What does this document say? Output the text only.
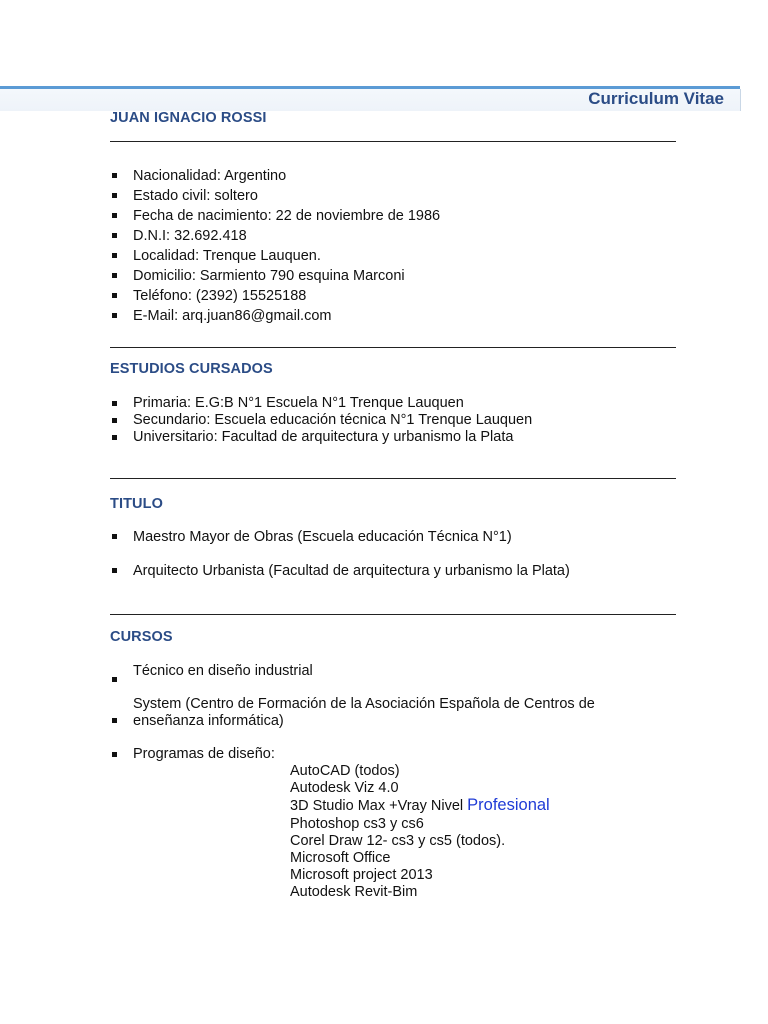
Curriculum Vitae
JUAN IGNACIO ROSSI
Nacionalidad: Argentino
Estado civil: soltero
Fecha de nacimiento: 22 de noviembre de 1986
D.N.I: 32.692.418
Localidad: Trenque Lauquen.
Domicilio: Sarmiento 790 esquina Marconi
Teléfono: (2392) 15525188
E-Mail: arq.juan86@gmail.com
ESTUDIOS CURSADOS
Primaria: E.G:B N°1 Escuela N°1 Trenque Lauquen
Secundario: Escuela educación técnica N°1 Trenque Lauquen
Universitario: Facultad de arquitectura y urbanismo la Plata
TITULO
Maestro Mayor de Obras (Escuela educación Técnica N°1)
Arquitecto Urbanista (Facultad de arquitectura y urbanismo la Plata)
CURSOS
Técnico en diseño industrial
System (Centro de Formación de la Asociación Española de Centros de
enseñanza informática)
Programas de diseño:
AutoCAD (todos)
Autodesk Viz 4.0
3D Studio Max +Vray Nivel Profesional
Photoshop cs3 y cs6
Corel Draw 12- cs3 y cs5 (todos).
Microsoft Office
Microsoft project 2013
Autodesk Revit-Bim
